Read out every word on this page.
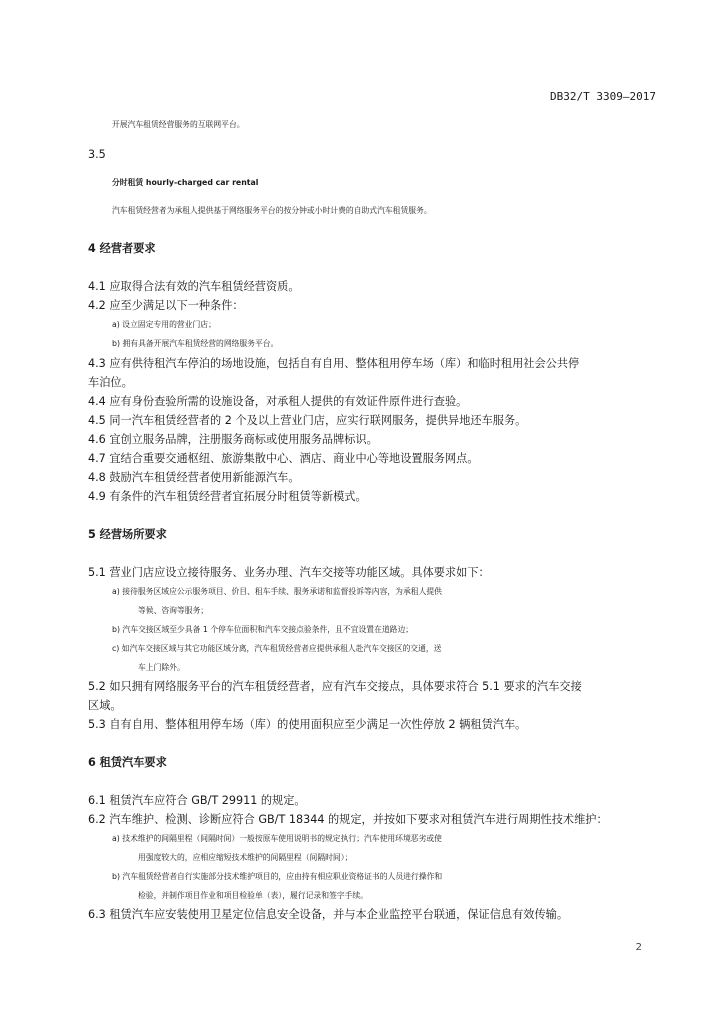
DB32/T 3309—2017
开展汽车租赁经营服务的互联网平台。
3.5
分时租赁 hourly-charged car rental
汽车租赁经营者为承租人提供基于网络服务平台的按分钟或小时计费的自助式汽车租赁服务。
4 经营者要求
4.1 应取得合法有效的汽车租赁经营资质。
4.2 应至少满足以下一种条件：
a) 设立固定专用的营业门店；
b) 拥有具备开展汽车租赁经营的网络服务平台。
4.3 应有供待租汽车停泊的场地设施，包括自有自用、整体租用停车场（库）和临时租用社会公共停
车泊位。
4.4 应有身份查验所需的设施设备，对承租人提供的有效证件原件进行查验。
4.5 同一汽车租赁经营者的 2 个及以上营业门店，应实行联网服务，提供异地还车服务。
4.6 宜创立服务品牌，注册服务商标或使用服务品牌标识。
4.7 宜结合重要交通枢纽、旅游集散中心、酒店、商业中心等地设置服务网点。
4.8 鼓励汽车租赁经营者使用新能源汽车。
4.9 有条件的汽车租赁经营者宜拓展分时租赁等新模式。
5 经营场所要求
5.1 营业门店应设立接待服务、业务办理、汽车交接等功能区域。具体要求如下：
a) 接待服务区域应公示服务项目、价目、租车手续、服务承诺和监督投诉等内容，为承租人提供
等候、咨询等服务；
b) 汽车交接区域至少具备 1 个停车位面积和汽车交接点验条件，且不宜设置在道路边；
c) 如汽车交接区域与其它功能区域分离，汽车租赁经营者应提供承租人赴汽车交接区的交通，送
车上门除外。
5.2 如只拥有网络服务平台的汽车租赁经营者，应有汽车交接点，具体要求符合 5.1 要求的汽车交接
区域。
5.3 自有自用、整体租用停车场（库）的使用面积应至少满足一次性停放 2 辆租赁汽车。
6 租赁汽车要求
6.1 租赁汽车应符合 GB/T 29911 的规定。
6.2 汽车维护、检测、诊断应符合 GB/T 18344 的规定，并按如下要求对租赁汽车进行周期性技术维护：
a) 技术维护的间隔里程（间隔时间）一般按原车使用说明书的规定执行；汽车使用环境恶劣或使
用强度较大的，应相应缩短技术维护的间隔里程（间隔时间）；
b) 汽车租赁经营者自行实施部分技术维护项目的，应由持有相应职业资格证书的人员进行操作和
检验，并制作项目作业和项目检验单（表），履行记录和签字手续。
6.3 租赁汽车应安装使用卫星定位信息安全设备，并与本企业监控平台联通，保证信息有效传输。
2
